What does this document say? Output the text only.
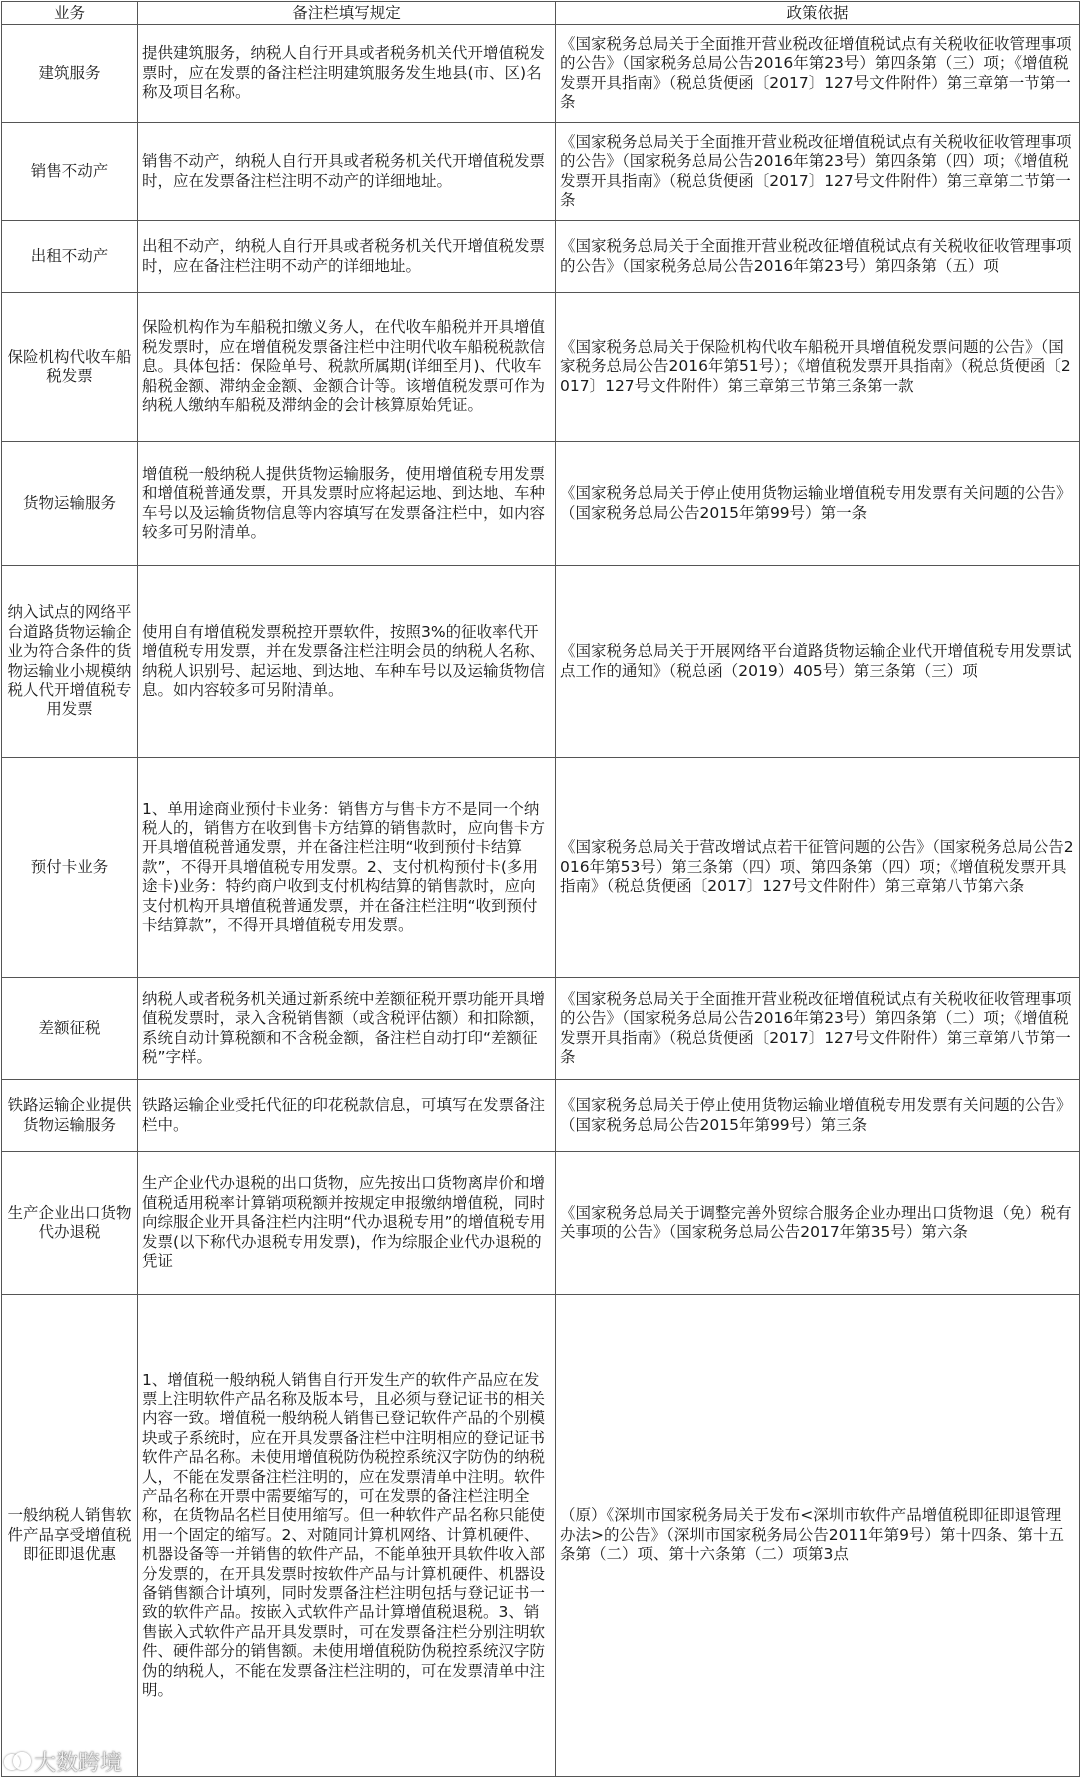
业务	备注栏填写规定	政策依据
建筑服务	提供建筑服务，纳税人自行开具或者税务机关代开增值税发票时，应在发票的备注栏注明建筑服务发生地县(市、区)名称及项目名称。	《国家税务总局关于全面推开营业税改征增值税试点有关税收征收管理事项的公告》（国家税务总局公告2016年第23号）第四条第（三）项；《增值税发票开具指南》（税总货便函〔2017〕127号文件附件）第三章第一节第一条
销售不动产	销售不动产，纳税人自行开具或者税务机关代开增值税发票时，应在发票备注栏注明不动产的详细地址。	《国家税务总局关于全面推开营业税改征增值税试点有关税收征收管理事项的公告》（国家税务总局公告2016年第23号）第四条第（四）项；《增值税发票开具指南》（税总货便函〔2017〕127号文件附件）第三章第二节第一条
出租不动产	出租不动产，纳税人自行开具或者税务机关代开增值税发票时，应在备注栏注明不动产的详细地址。	《国家税务总局关于全面推开营业税改征增值税试点有关税收征收管理事项的公告》（国家税务总局公告2016年第23号）第四条第（五）项
保险机构代收车船税发票	保险机构作为车船税扣缴义务人，在代收车船税并开具增值税发票时，应在增值税发票备注栏中注明代收车船税税款信息。具体包括：保险单号、税款所属期(详细至月)、代收车船税金额、滞纳金金额、金额合计等。该增值税发票可作为纳税人缴纳车船税及滞纳金的会计核算原始凭证。	《国家税务总局关于保险机构代收车船税开具增值税发票问题的公告》（国家税务总局公告2016年第51号）；《增值税发票开具指南》（税总货便函〔2017〕127号文件附件）第三章第三节第三条第一款
货物运输服务	增值税一般纳税人提供货物运输服务，使用增值税专用发票和增值税普通发票，开具发票时应将起运地、到达地、车种车号以及运输货物信息等内容填写在发票备注栏中，如内容较多可另附清单。	《国家税务总局关于停止使用货物运输业增值税专用发票有关问题的公告》（国家税务总局公告2015年第99号）第一条
纳入试点的网络平台道路货物运输企业为符合条件的货物运输业小规模纳税人代开增值税专用发票	使用自有增值税发票税控开票软件，按照3%的征收率代开增值税专用发票，并在发票备注栏注明会员的纳税人名称、纳税人识别号、起运地、到达地、车种车号以及运输货物信息。如内容较多可另附清单。	《国家税务总局关于开展网络平台道路货物运输企业代开增值税专用发票试点工作的通知》（税总函（2019）405号）第三条第（三）项
预付卡业务	1、单用途商业预付卡业务：销售方与售卡方不是同一个纳税人的，销售方在收到售卡方结算的销售款时，应向售卡方开具增值税普通发票，并在备注栏注明“收到预付卡结算款”，不得开具增值税专用发票。2、支付机构预付卡(多用途卡)业务：特约商户收到支付机构结算的销售款时，应向支付机构开具增值税普通发票，并在备注栏注明“收到预付卡结算款”，不得开具增值税专用发票。	《国家税务总局关于营改增试点若干征管问题的公告》（国家税务总局公告2016年第53号）第三条第（四）项、第四条第（四）项；《增值税发票开具指南》（税总货便函〔2017〕127号文件附件）第三章第八节第六条
差额征税	纳税人或者税务机关通过新系统中差额征税开票功能开具增值税发票时，录入含税销售额（或含税评估额）和扣除额，系统自动计算税额和不含税金额，备注栏自动打印“差额征税”字样。	《国家税务总局关于全面推开营业税改征增值税试点有关税收征收管理事项的公告》（国家税务总局公告2016年第23号）第四条第（二）项；《增值税发票开具指南》（税总货便函〔2017〕127号文件附件）第三章第八节第一条
铁路运输企业提供货物运输服务	铁路运输企业受托代征的印花税款信息，可填写在发票备注栏中。	《国家税务总局关于停止使用货物运输业增值税专用发票有关问题的公告》（国家税务总局公告2015年第99号）第三条
生产企业出口货物代办退税	生产企业代办退税的出口货物，应先按出口货物离岸价和增值税适用税率计算销项税额并按规定申报缴纳增值税，同时向综服企业开具备注栏内注明“代办退税专用”的增值税专用发票(以下称代办退税专用发票)，作为综服企业代办退税的凭证	《国家税务总局关于调整完善外贸综合服务企业办理出口货物退（免）税有关事项的公告》（国家税务总局公告2017年第35号）第六条
一般纳税人销售软件产品享受增值税即征即退优惠	1、增值税一般纳税人销售自行开发生产的软件产品应在发票上注明软件产品名称及版本号，且必须与登记证书的相关内容一致。增值税一般纳税人销售已登记软件产品的个别模块或子系统时，应在开具发票备注栏中注明相应的登记证书软件产品名称。未使用增值税防伪税控系统汉字防伪的纳税人，不能在发票备注栏注明的，应在发票清单中注明。软件产品名称在开票中需要缩写的，可在发票的备注栏注明全称，在货物品名栏目使用缩写。但一种软件产品名称只能使用一个固定的缩写。2、对随同计算机网络、计算机硬件、机器设备等一并销售的软件产品，不能单独开具软件收入部分发票的，在开具发票时按软件产品与计算机硬件、机器设备销售额合计填列，同时发票备注栏注明包括与登记证书一致的软件产品。按嵌入式软件产品计算增值税退税。3、销售嵌入式软件产品开具发票时，可在发票备注栏分别注明软件、硬件部分的销售额。未使用增值税防伪税控系统汉字防伪的纳税人，不能在发票备注栏注明的，可在发票清单中注明。	（原）《深圳市国家税务局关于发布<深圳市软件产品增值税即征即退管理办法>的公告》（深圳市国家税务局公告2011年第9号）第十四条、第十五条第（二）项、第十六条第（二）项第3点
大数跨境
